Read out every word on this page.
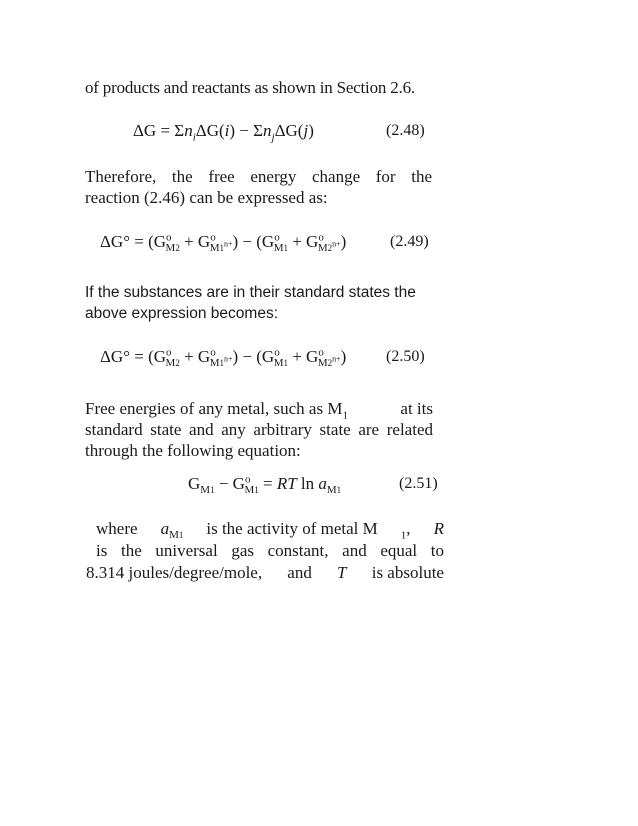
of products and reactants as shown in Section 2.6.
$\Delta G = \Sigma n_i\Delta G(i) - \Sigma n_j\Delta G(j)$	(2.48)
Therefore, the free energy change for the
reaction (2.46) can be expressed as:
$\Delta G^\circ = (G^o_{M2} + G^o_{M1^{n+}}) - (G^o_{M1} + G^o_{M2^{n+}})$	(2.49)
If the substances are in their standard states the
above expression becomes:
$\Delta G^\circ = (G^o_{M2} + G^o_{M1^{n+}}) - (G^o_{M1} + G^o_{M2^{n+}})$ (2.50)
Free energies of any metal, such as $M_1$	at its
standard state and any arbitrary state are related
through the following equation:
$G_{M1} - G^o_{M1}$ = RT $\ln a_{M1}$	(2.51)
where $a_{M1}$ is the activity of metal M $_1$, R
is the universal gas constant, and equal to
8.314 joules/degree/mole, and T is absolute
